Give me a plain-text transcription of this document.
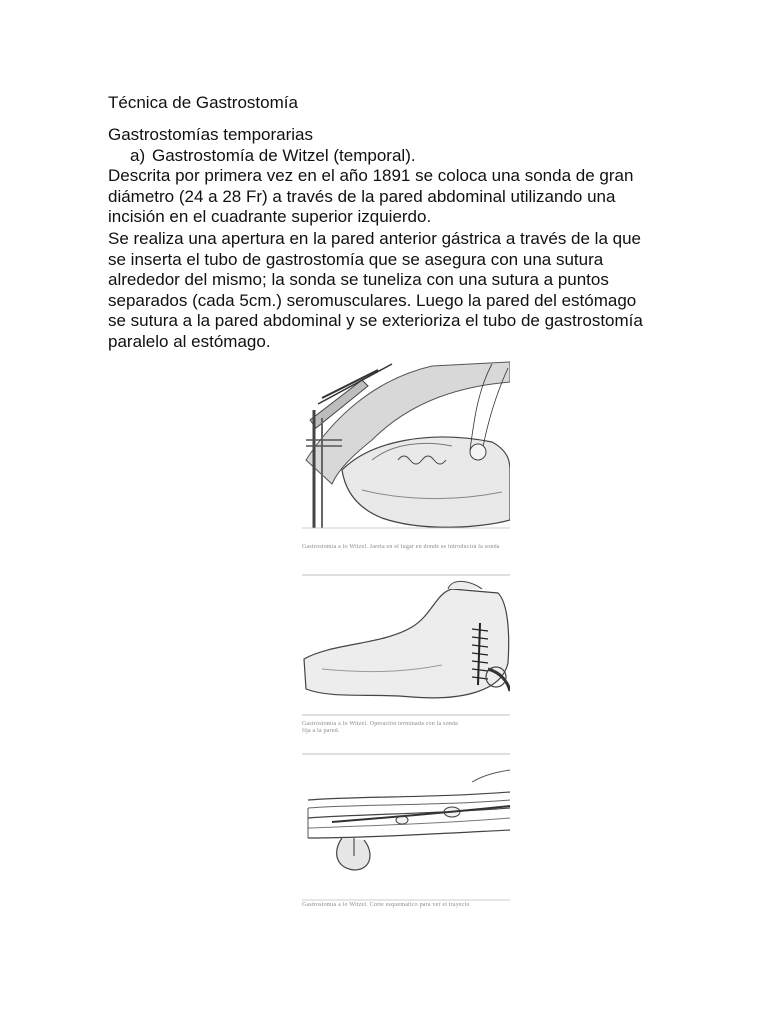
Técnica de Gastrostomía
Gastrostomías temporarias
a) Gastrostomía de Witzel (temporal).

Descrita por primera vez en el año 1891 se coloca una sonda de gran
diámetro (24 a 28 Fr) a través de la pared abdominal utilizando una
incisión en el cuadrante superior izquierdo.

Se realiza una apertura en la pared anterior gástrica a través de la que
se inserta el tubo de gastrostomía que se asegura con una sutura
alrededor del mismo; la sonda se tuneliza con una sutura a puntos
separados (cada 5cm.) seromusculares. Luego la pared del estómago
se sutura a la pared abdominal y se exterioriza el tubo de gastrostomía
paralelo al estómago.

Gastrostomía a lo Witzel. Jareta en el lugar en donde se introducirá la sonda
Gastrostomía a lo Witzel. Operación terminada con la sonda
fija a la pared.
Gastrostomía a lo Witzel. Corte esquemático para ver el trayecto
